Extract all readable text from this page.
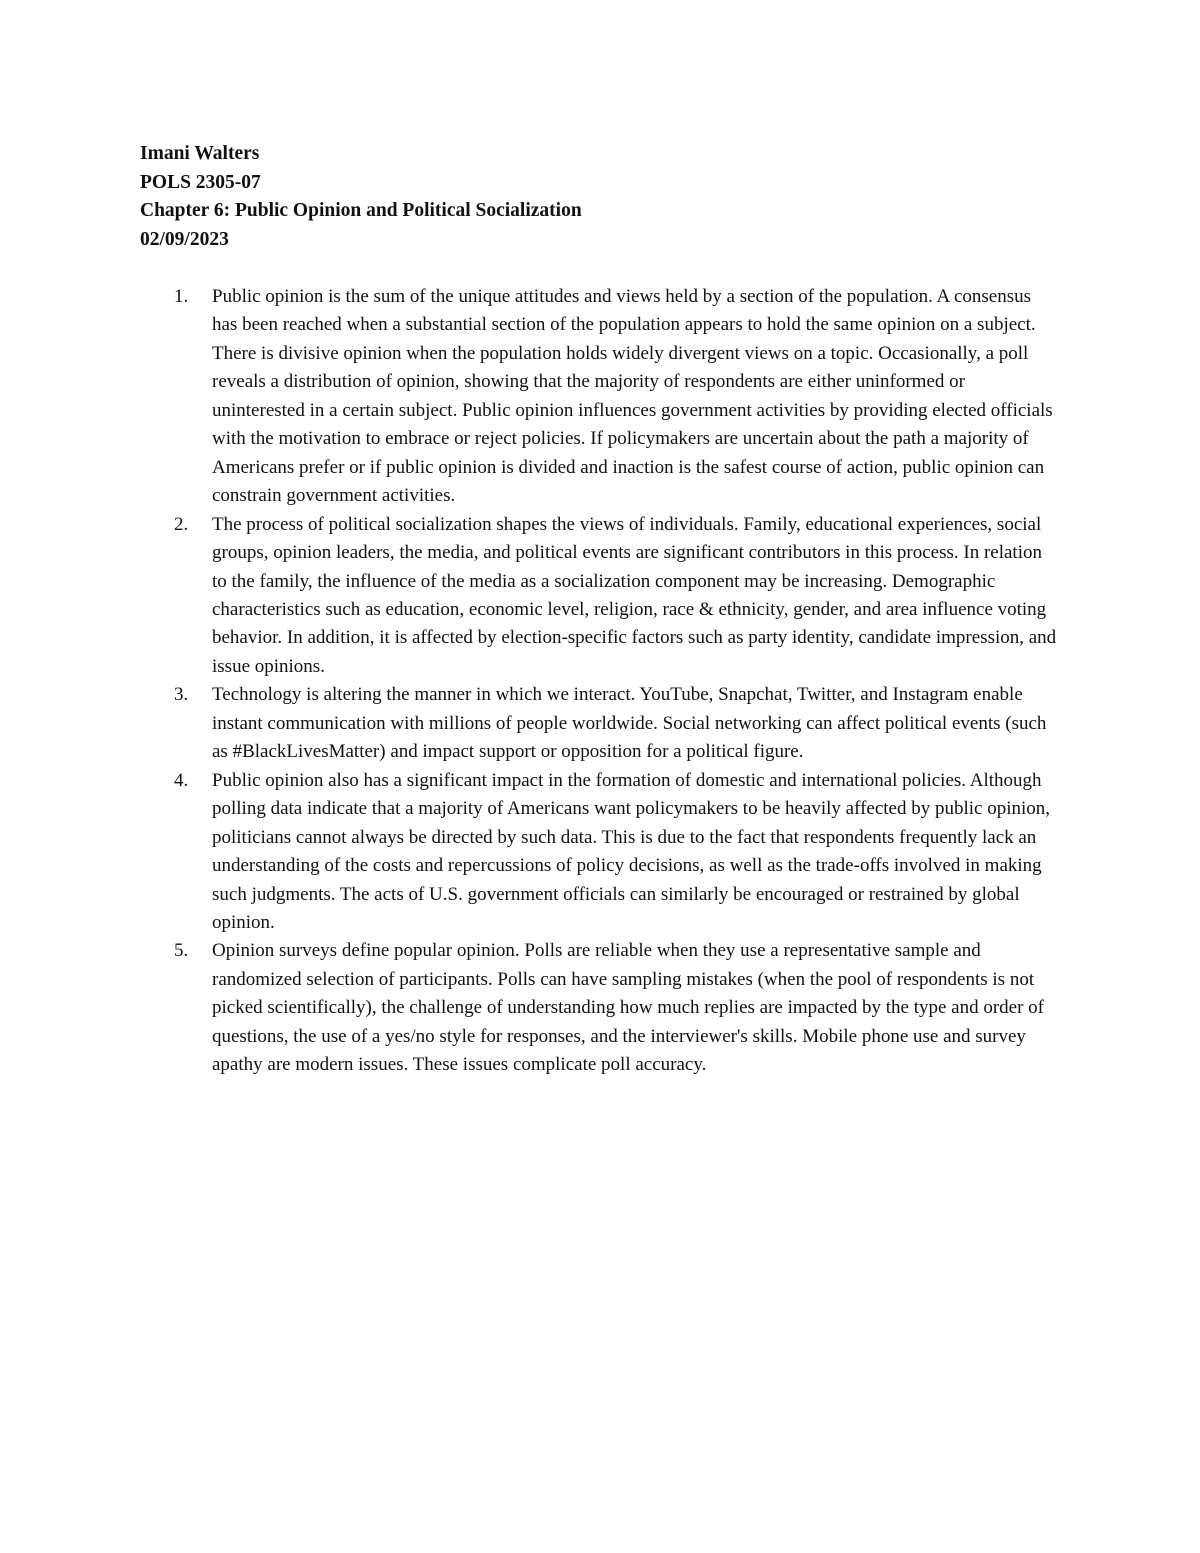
Imani Walters
POLS 2305-07
Chapter 6: Public Opinion and Political Socialization
02/09/2023
1.	Public opinion is the sum of the unique attitudes and views held by a section of the population. A consensus has been reached when a substantial section of the population appears to hold the same opinion on a subject. There is divisive opinion when the population holds widely divergent views on a topic. Occasionally, a poll reveals a distribution of opinion, showing that the majority of respondents are either uninformed or uninterested in a certain subject. Public opinion influences government activities by providing elected officials with the motivation to embrace or reject policies. If policymakers are uncertain about the path a majority of Americans prefer or if public opinion is divided and inaction is the safest course of action, public opinion can constrain government activities.
2.	The process of political socialization shapes the views of individuals. Family, educational experiences, social groups, opinion leaders, the media, and political events are significant contributors in this process. In relation to the family, the influence of the media as a socialization component may be increasing. Demographic characteristics such as education, economic level, religion, race & ethnicity, gender, and area influence voting behavior. In addition, it is affected by election-specific factors such as party identity, candidate impression, and issue opinions.
3.	Technology is altering the manner in which we interact. YouTube, Snapchat, Twitter, and Instagram enable instant communication with millions of people worldwide. Social networking can affect political events (such as #BlackLivesMatter) and impact support or opposition for a political figure.
4.	Public opinion also has a significant impact in the formation of domestic and international policies. Although polling data indicate that a majority of Americans want policymakers to be heavily affected by public opinion, politicians cannot always be directed by such data. This is due to the fact that respondents frequently lack an understanding of the costs and repercussions of policy decisions, as well as the trade-offs involved in making such judgments. The acts of U.S. government officials can similarly be encouraged or restrained by global opinion.
5.	Opinion surveys define popular opinion. Polls are reliable when they use a representative sample and randomized selection of participants. Polls can have sampling mistakes (when the pool of respondents is not picked scientifically), the challenge of understanding how much replies are impacted by the type and order of questions, the use of a yes/no style for responses, and the interviewer's skills. Mobile phone use and survey apathy are modern issues. These issues complicate poll accuracy.
